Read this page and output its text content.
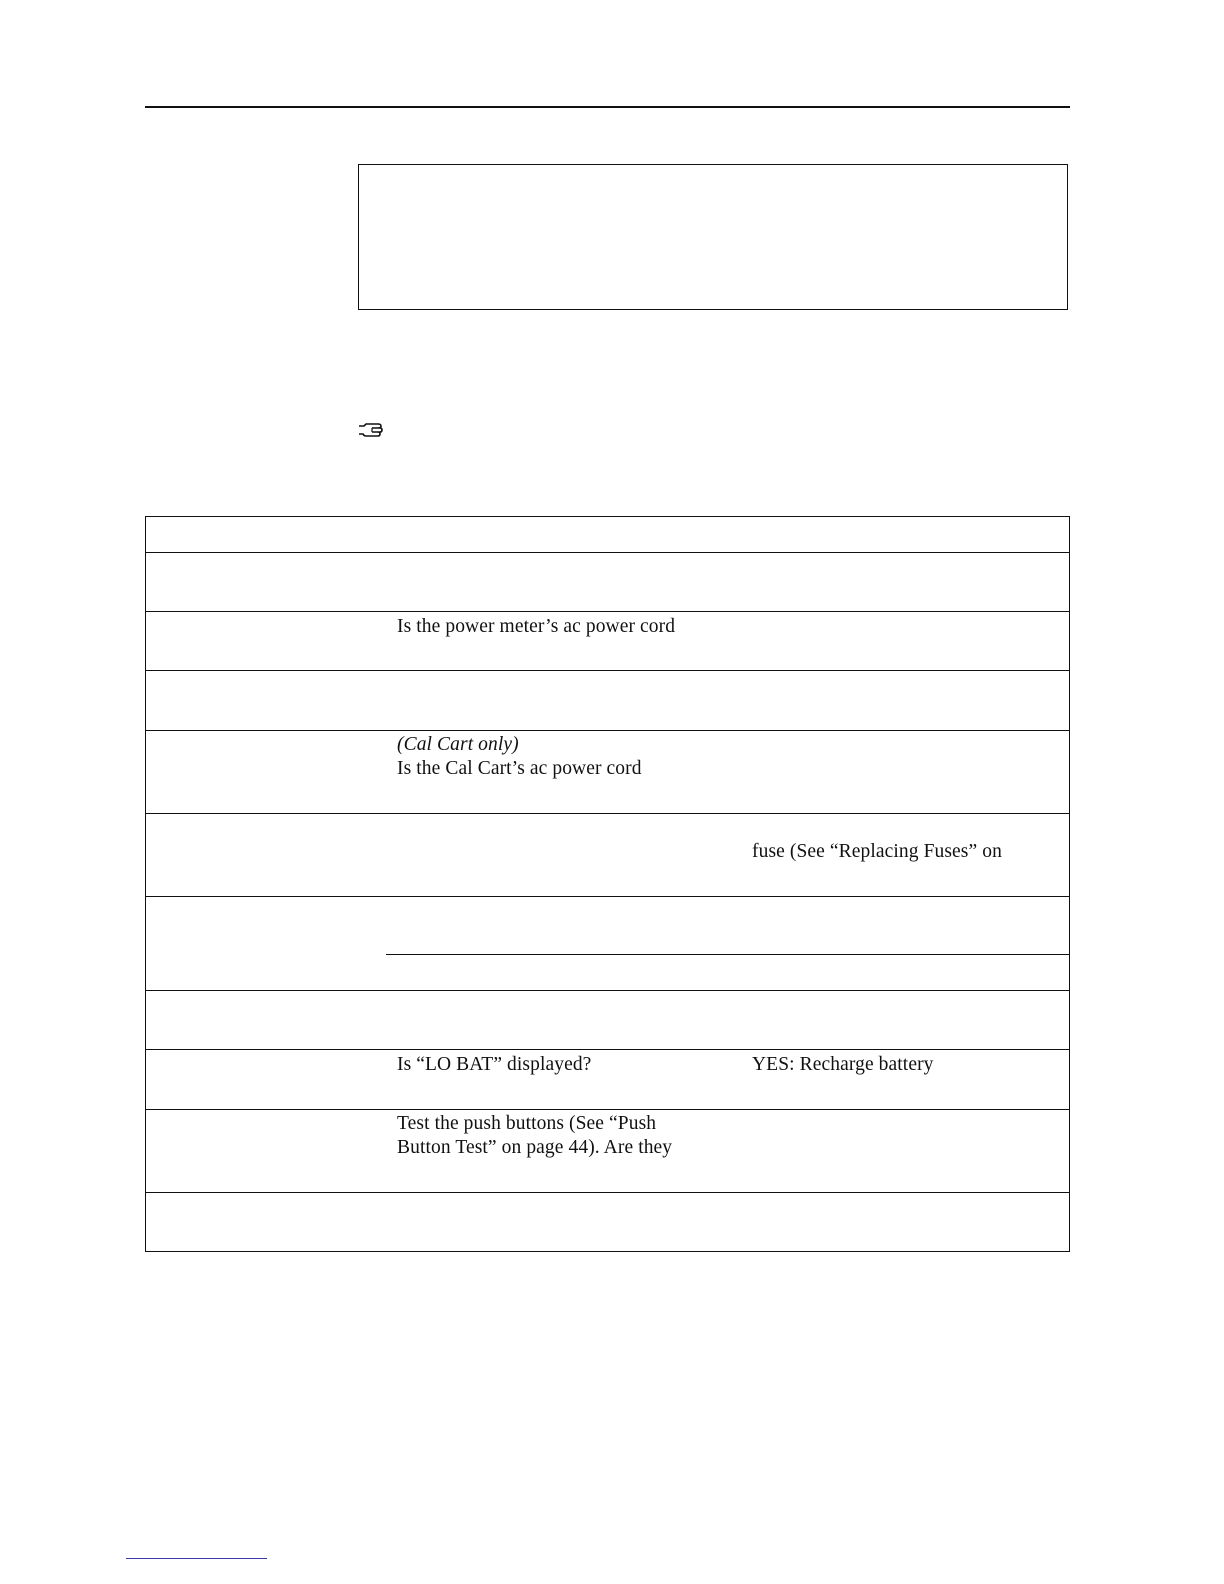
Is the power meter’s ac power cord
(Cal Cart only)
Is the Cal Cart’s ac power cord
fuse (See “Replacing Fuses” on
Is “LO BAT” displayed?	YES: Recharge battery
Test the push buttons (See “Push
Button Test” on page 44). Are they
